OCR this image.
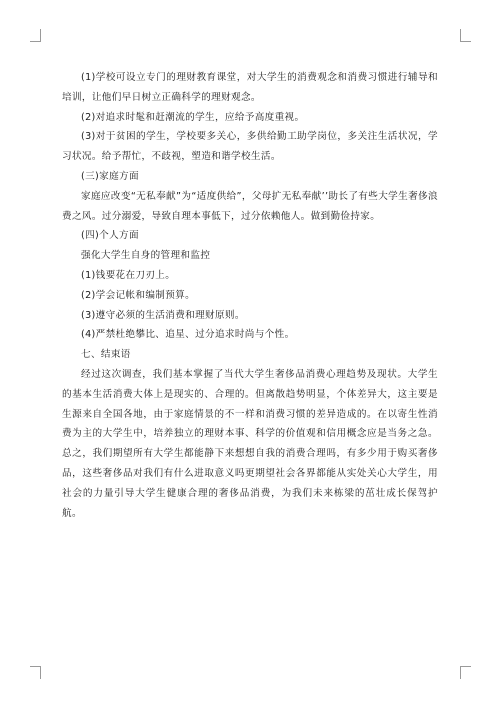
(1)学校可设立专门的理财教育课堂，对大学生的消费观念和消费习惯进行辅导和培训，让他们早日树立正确科学的理财观念。

(2)对追求时髦和赶潮流的学生，应给予高度重视。

(3)对于贫困的学生，学校要多关心，多供给勤工助学岗位，多关注生活状况，学习状况。给予帮忙，不歧视，塑造和谐学校生活。

(三)家庭方面

家庭应改变“无私奉献”为“适度供给”，父母扩无私奉献’’助长了有些大学生奢侈浪费之风。过分溺爱，导致自理本事低下，过分依赖他人。做到勤俭持家。

(四)个人方面

强化大学生自身的管理和监控

(1)钱要花在刀刃上。

(2)学会记帐和编制预算。

(3)遵守必须的生活消费和理财原则。

(4)严禁杜绝攀比、追星、过分追求时尚与个性。

七、结束语

经过这次调查，我们基本掌握了当代大学生奢侈品消费心理趋势及现状。大学生的基本生活消费大体上是现实的、合理的。但离散趋势明显，个体差异大，这主要是生源来自全国各地，由于家庭情景的不一样和消费习惯的差异造成的。在以寄生性消费为主的大学生中，培养独立的理财本事、科学的价值观和信用概念应是当务之急。总之，我们期望所有大学生都能静下来想想自我的消费合理吗，有多少用于购买奢侈品，这些奢侈品对我们有什么进取意义吗更期望社会各界都能从实处关心大学生，用社会的力量引导大学生健康合理的奢侈品消费，为我们未来栋梁的茁壮成长保驾护航。
